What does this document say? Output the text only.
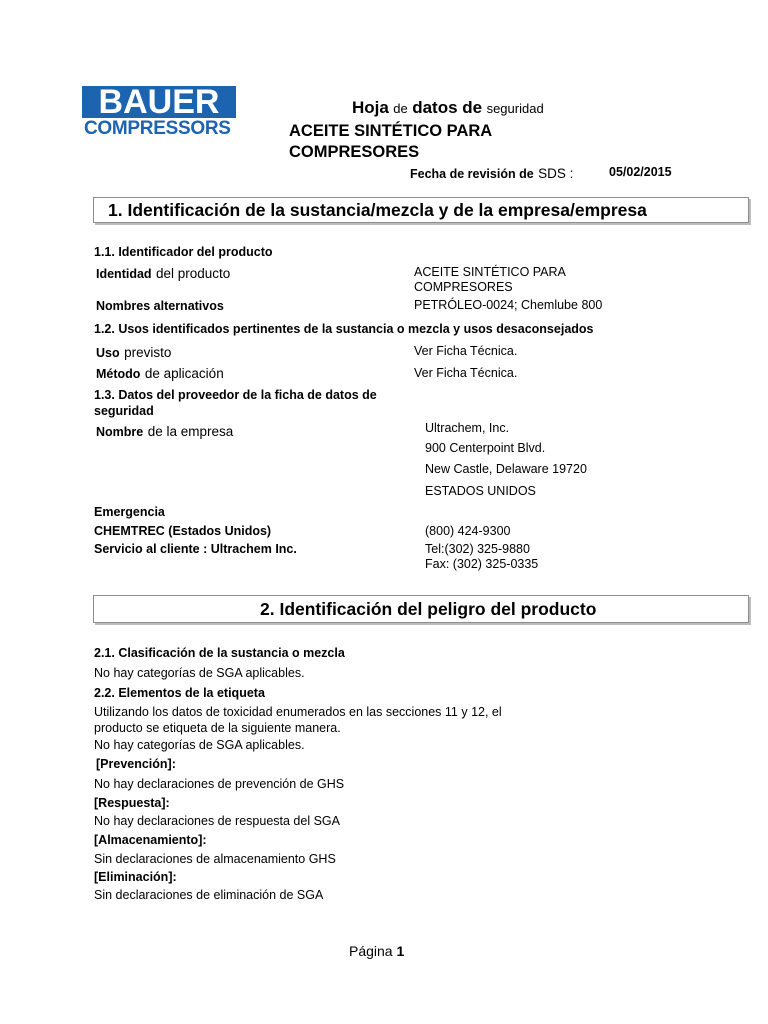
BAUER
COMPRESSORS
Hoja de datos de seguridad
ACEITE SINTÉTICO PARA
COMPRESORES
Fecha de revisión de SDS :	05/02/2015
1. Identificación de la sustancia/mezcla y de la empresa/empresa
1.1. Identificador del producto
Identidad del producto	ACEITE SINTÉTICO PARA
COMPRESORES
Nombres alternativos	PETRÓLEO-0024; Chemlube 800
1.2. Usos identificados pertinentes de la sustancia o mezcla y usos desaconsejados
Uso previsto	Ver Ficha Técnica.
Método de aplicación	Ver Ficha Técnica.
1.3. Datos del proveedor de la ficha de datos de
seguridad
Nombre de la empresa	Ultrachem, Inc.
900 Centerpoint Blvd.
New Castle, Delaware 19720
ESTADOS UNIDOS
Emergencia
CHEMTREC (Estados Unidos)	(800) 424-9300
Servicio al cliente : Ultrachem Inc.	Tel:(302) 325-9880
Fax: (302) 325-0335
2. Identificación del peligro del producto
2.1. Clasificación de la sustancia o mezcla
No hay categorías de SGA aplicables.
2.2. Elementos de la etiqueta
Utilizando los datos de toxicidad enumerados en las secciones 11 y 12, el
producto se etiqueta de la siguiente manera.
No hay categorías de SGA aplicables.
[Prevención]:
No hay declaraciones de prevención de GHS
[Respuesta]:
No hay declaraciones de respuesta del SGA
[Almacenamiento]:
Sin declaraciones de almacenamiento GHS
[Eliminación]:
Sin declaraciones de eliminación de SGA
Página 1
